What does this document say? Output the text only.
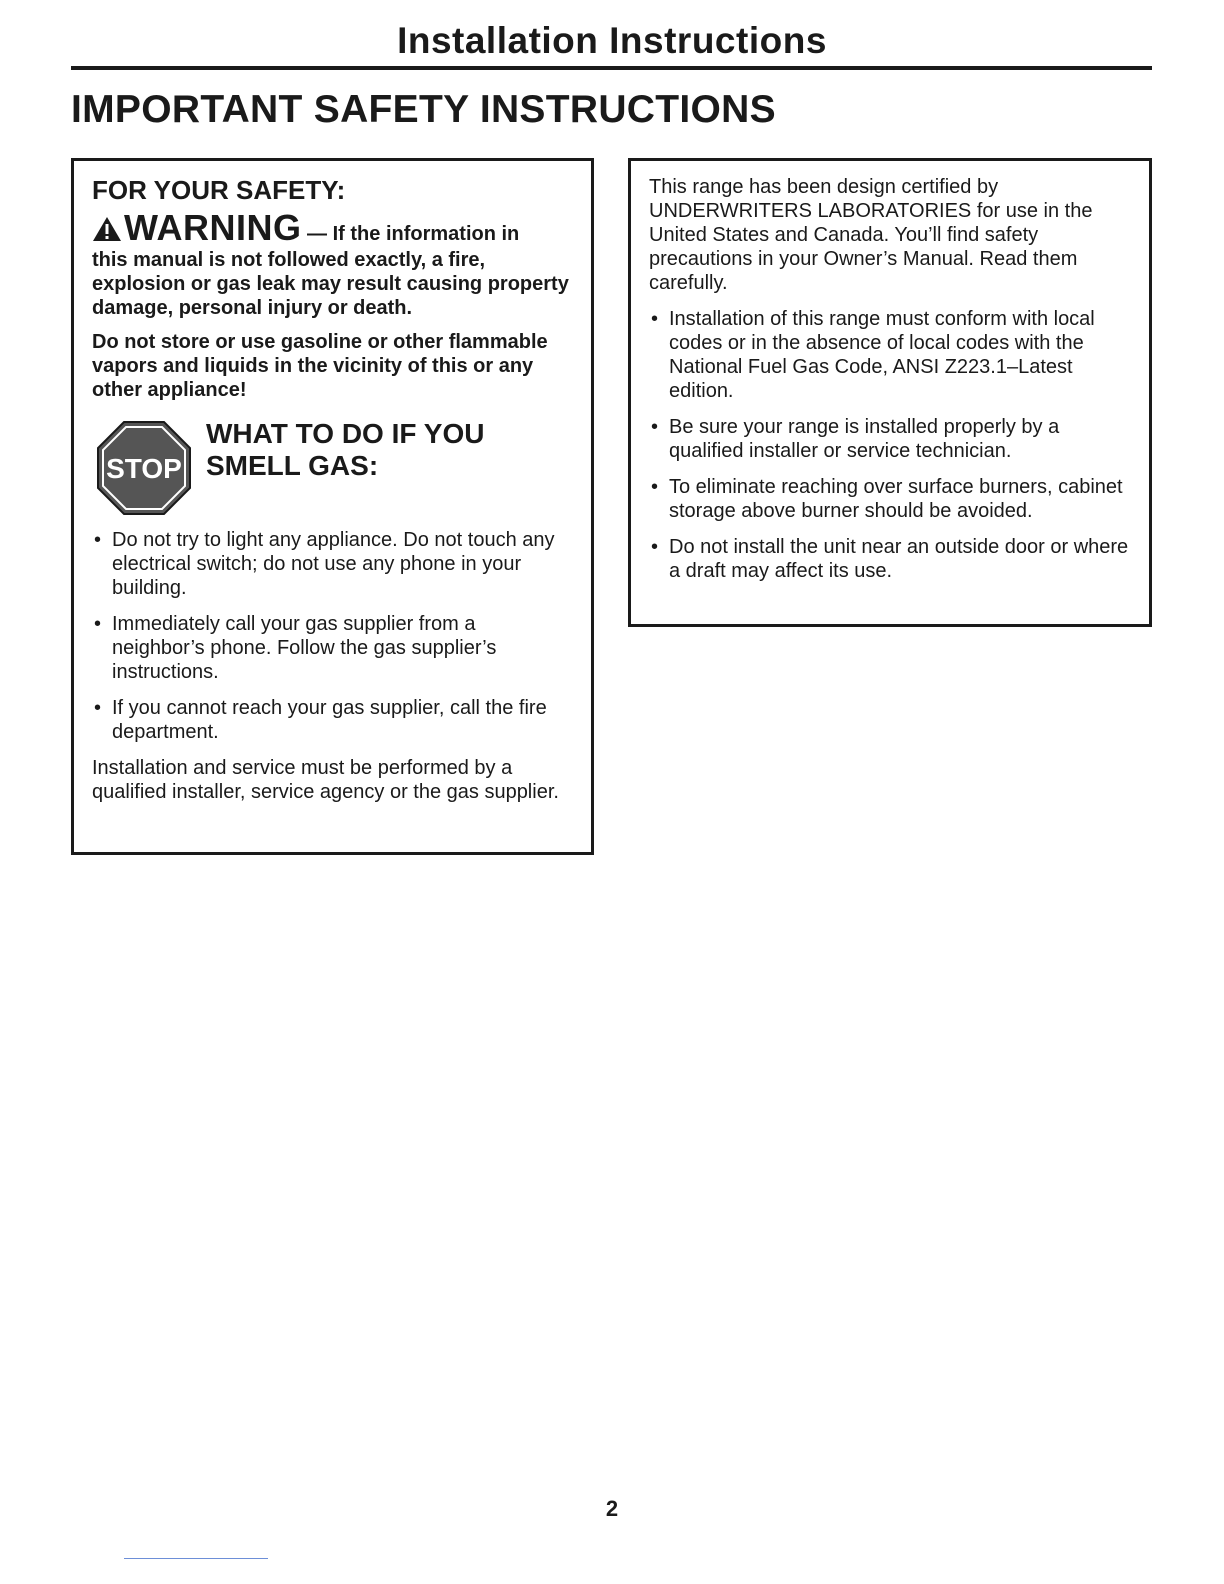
Installation Instructions
IMPORTANT SAFETY INSTRUCTIONS
FOR YOUR SAFETY:
WARNING — If the information in

this manual is not followed exactly, a fire, explosion or gas leak may result causing property damage, personal injury or death.

Do not store or use gasoline or other flammable vapors and liquids in the vicinity of this or any other appliance!

STOP
WHAT TO DO IF YOU
SMELL GAS:
• Do not try to light any appliance. Do not touch any electrical switch; do not use any phone in your building.
• Immediately call your gas supplier from a neighbor’s phone. Follow the gas supplier’s instructions.
• If you cannot reach your gas supplier, call the fire department.

Installation and service must be performed by a qualified installer, service agency or the gas supplier.

This range has been design certified by UNDERWRITERS LABORATORIES for use in the United States and Canada. You’ll find safety precautions in your Owner’s Manual. Read them carefully.

• Installation of this range must conform with local codes or in the absence of local codes with the National Fuel Gas Code, ANSI Z223.1–Latest edition.
• Be sure your range is installed properly by a qualified installer or service technician.
• To eliminate reaching over surface burners, cabinet storage above burner should be avoided.
• Do not install the unit near an outside door or where a draft may affect its use.
2
